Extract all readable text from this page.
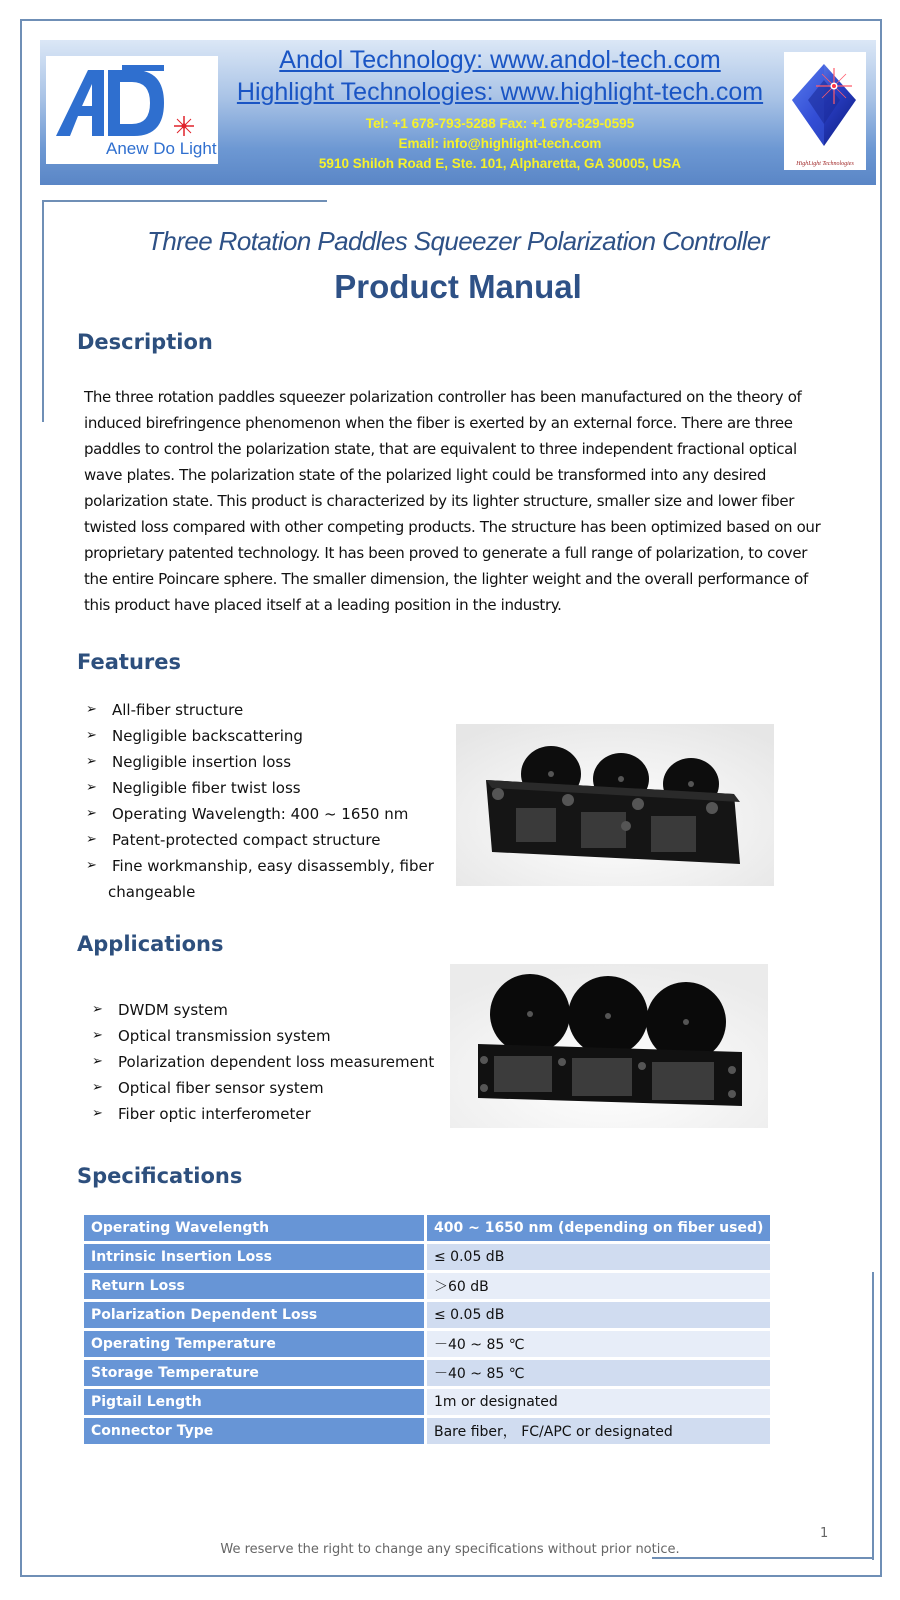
Anew Do Light
Andol Technology: www.andol-tech.com
Highlight Technologies: www.highlight-tech.com
Tel: +1 678-793-5288 Fax: +1 678-829-0595
Email: info@highlight-tech.com
5910 Shiloh Road E, Ste. 101, Alpharetta, GA 30005, USA	HighLight Technologies
Three Rotation Paddles Squeezer Polarization Controller
Product Manual
Description

The three rotation paddles squeezer polarization controller has been manufactured on the theory of induced birefringence phenomenon when the fiber is exerted by an external force. There are three paddles to control the polarization state, that are equivalent to three independent fractional optical wave plates. The polarization state of the polarized light could be transformed into any desired polarization state. This product is characterized by its lighter structure, smaller size and lower fiber twisted loss compared with other competing products. The structure has been optimized based on our proprietary patented technology. It has been proved to generate a full range of polarization, to cover the entire Poincare sphere. The smaller dimension, the lighter weight and the overall performance of this product have placed itself at a leading position in the industry.

Features
➢ All-fiber structure
➢ Negligible backscattering
➢ Negligible insertion loss
➢ Negligible fiber twist loss
➢ Operating Wavelength: 400 ~ 1650 nm
➢ Patent-protected compact structure
➢ Fine workmanship, easy disassembly, fiber
changeable
Applications
➢ DWDM system
➢ Optical transmission system
➢ Polarization dependent loss measurement
➢ Optical fiber sensor system
➢ Fiber optic interferometer
Specifications
Operating Wavelength	400 ~ 1650 nm (depending on fiber used)
Intrinsic Insertion Loss	≤ 0.05 dB
Return Loss	＞60 dB
Polarization Dependent Loss	≤ 0.05 dB
Operating Temperature	－40 ~ 85 ℃
Storage Temperature	－40 ~ 85 ℃
Pigtail Length	1m or designated
Connector Type	Bare fiber， FC/APC or designated
1
We reserve the right to change any specifications without prior notice.
